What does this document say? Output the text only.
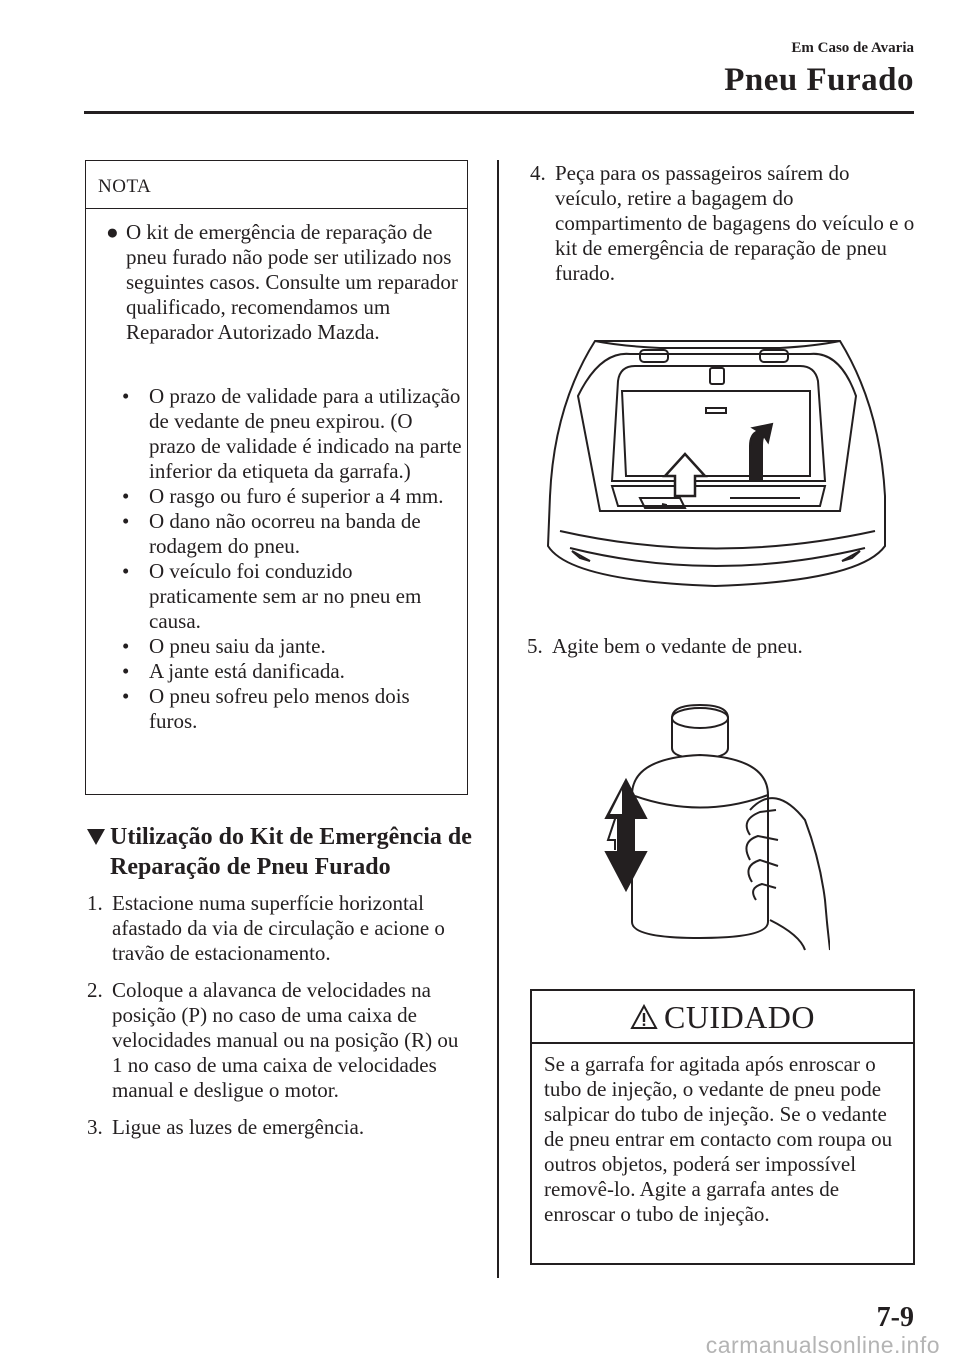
Em Caso de Avaria
Pneu Furado
NOTA
● O kit de emergência de reparação de pneu furado não pode ser utilizado nos seguintes casos. Consulte um reparador qualificado, recomendamos um Reparador Autorizado Mazda.
• O prazo de validade para a utilização de vedante de pneu expirou. (O prazo de validade é indicado na parte inferior da etiqueta da garrafa.)
• O rasgo ou furo é superior a 4 mm.
• O dano não ocorreu na banda de rodagem do pneu.
• O veículo foi conduzido praticamente sem ar no pneu em causa.
• O pneu saiu da jante.
• A jante está danificada.
• O pneu sofreu pelo menos dois furos.
Utilização do Kit de Emergência de Reparação de Pneu Furado
1. Estacione numa superfície horizontal afastado da via de circulação e acione o travão de estacionamento.
2. Coloque a alavanca de velocidades na posição (P) no caso de uma caixa de velocidades manual ou na posição (R) ou 1 no caso de uma caixa de velocidades manual e desligue o motor.
3. Ligue as luzes de emergência.
4. Peça para os passageiros saírem do veículo, retire a bagagem do compartimento de bagagens do veículo e o kit de emergência de reparação de pneu furado.
5. Agite bem o vedante de pneu.
CUIDADO
Se a garrafa for agitada após enroscar o tubo de injeção, o vedante de pneu pode salpicar do tubo de injeção. Se o vedante de pneu entrar em contacto com roupa ou outros objetos, poderá ser impossível removê-lo. Agite a garrafa antes de enroscar o tubo de injeção.
7-9
carmanualsonline.info
